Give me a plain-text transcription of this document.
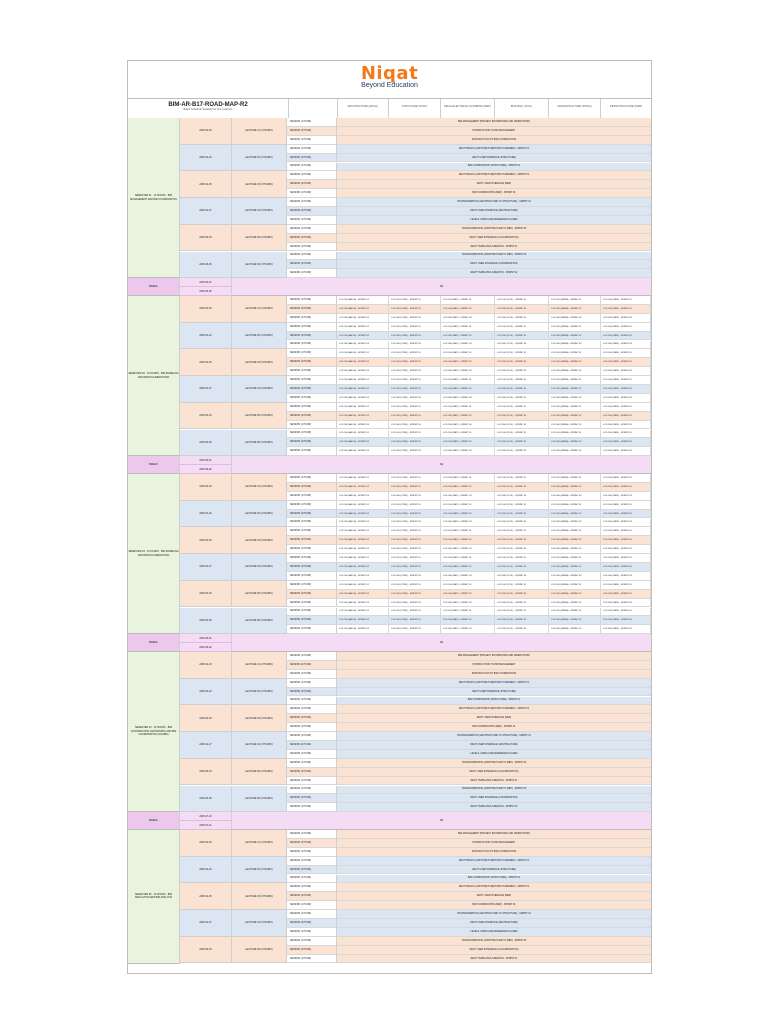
Niqat
Beyond Education
BIM-AR-B17-ROAD-MAP-R2
Batch Schedule Suitable For Our Learners
ARCHITECTURE (ARCH)	STRUCTURE (STRU)	MECH ELECTRICAL PLUMBING (MEP)	BUILDING (CIVIL)	INFRASTRUCTURE (INFRA)	INFRASTRUCTURE (INFR)
2025-02-18	LECTURE 01 (3 HOURS)
SESSION (1 HOUR)	BIM MANAGEMENT (PROJECT INFORMATION AND ORIENTATION)
SESSION (2 HOUR)	INTRODUCTION TO BIM MANAGEMENT
SESSION (1 HOUR)	INTRODUCTION TO BIM COORDINATION
2025-02-20	LECTURE 02 (3 HOURS)
SESSION (1 HOUR)	REVIT BASICS (ARCHITECTURE/STRUCTURE/MEP) - SPRINT 01
SESSION (2 HOUR)	REVIT USER INTERFACE (STRUCTURE)
SESSION (1 HOUR)	BIM COORDINATION (STRUCTURE) - SPRINT 01
2025-02-25	LECTURE 03 (3 HOURS)
SESSION (1 HOUR)	REVIT BASICS (ARCHITECTURE/STRUCTURE/MEP) - SPRINT 02
SESSION (2 HOUR)	REVIT USER INTERFACE (MEP)
SESSION (1 HOUR)	BIM COORDINATION (MEP) - SPRINT 01
2025-02-27	LECTURE 04 (3 HOURS)
SESSION (1 HOUR)	TRANSFORMATION (ARCHITECTURE TO STRUCTURE) - SPRINT 01
SESSION (2 HOUR)	REVIT USER INTERFACE (ARCHITECTURE)
SESSION (1 HOUR)	LEVELS, GRIDS AND REFERENCE PLANES
2025-03-04	LECTURE 05 (3 HOURS)
SESSION (1 HOUR)	TRANSFORMATION (ARCHITECTURE TO MEP) - SPRINT 02
SESSION (2 HOUR)	REVIT USER INTERFACE (COLLABORATION)
SESSION (1 HOUR)	REVIT TEMPLATES CREATION - SPRINT 01
2025-03-06	LECTURE 06 (3 HOURS)
SESSION (1 HOUR)	TRANSFORMATION (ARCHITECTURE TO MEP) - SPRINT 03
SESSION (2 HOUR)	REVIT USER INTERFACE (COORDINATION)
SESSION (1 HOUR)	REVIT TEMPLATES CREATION - SPRINT 02
SEMESTER 01 · 16 HOURS · BIM MANAGEMENT AND BIM COORDINATION
BREAK
2025-03-27
2025-03-28
NA
2025-02-18	LECTURE 01 (3 HOURS)
SESSION (1 HOUR)	LOD 100 (ARCH) - SPRINT 01	LOD 100 (STRU) - SPRINT 01	LOD 100 (MEP) - SPRINT 01	LOD 100 (CIVIL) - SPRINT 01	LOD 100 (INFRA) - SPRINT 01	LOD 100 (INFR) - SPRINT 01
SESSION (2 HOUR)	LOD 200 (ARCH) - SPRINT 02	LOD 200 (STRU) - SPRINT 02	LOD 200 (MEP) - SPRINT 02	LOD 200 (CIVIL) - SPRINT 02	LOD 200 (INFRA) - SPRINT 02	LOD 200 (INFR) - SPRINT 02
SESSION (1 HOUR)	LOD 300 (ARCH) - SPRINT 03	LOD 300 (STRU) - SPRINT 03	LOD 300 (MEP) - SPRINT 03	LOD 300 (CIVIL) - SPRINT 03	LOD 300 (INFRA) - SPRINT 03	LOD 300 (INFR) - SPRINT 03
2025-02-20	LECTURE 02 (3 HOURS)
SESSION (1 HOUR)	LOD 100 (ARCH) - SPRINT 01	LOD 100 (STRU) - SPRINT 01	LOD 100 (MEP) - SPRINT 01	LOD 100 (CIVIL) - SPRINT 01	LOD 100 (INFRA) - SPRINT 01	LOD 100 (INFR) - SPRINT 01
SESSION (2 HOUR)	LOD 200 (ARCH) - SPRINT 02	LOD 200 (STRU) - SPRINT 02	LOD 200 (MEP) - SPRINT 02	LOD 200 (CIVIL) - SPRINT 02	LOD 200 (INFRA) - SPRINT 02	LOD 200 (INFR) - SPRINT 02
SESSION (1 HOUR)	LOD 300 (ARCH) - SPRINT 03	LOD 300 (STRU) - SPRINT 03	LOD 300 (MEP) - SPRINT 03	LOD 300 (CIVIL) - SPRINT 03	LOD 300 (INFRA) - SPRINT 03	LOD 300 (INFR) - SPRINT 03
2025-02-25	LECTURE 03 (3 HOURS)
SESSION (1 HOUR)	LOD 100 (ARCH) - SPRINT 01	LOD 100 (STRU) - SPRINT 01	LOD 100 (MEP) - SPRINT 01	LOD 100 (CIVIL) - SPRINT 01	LOD 100 (INFRA) - SPRINT 01	LOD 100 (INFR) - SPRINT 01
SESSION (2 HOUR)	LOD 200 (ARCH) - SPRINT 02	LOD 200 (STRU) - SPRINT 02	LOD 200 (MEP) - SPRINT 02	LOD 200 (CIVIL) - SPRINT 02	LOD 200 (INFRA) - SPRINT 02	LOD 200 (INFR) - SPRINT 02
SESSION (1 HOUR)	LOD 300 (ARCH) - SPRINT 03	LOD 300 (STRU) - SPRINT 03	LOD 300 (MEP) - SPRINT 03	LOD 300 (CIVIL) - SPRINT 03	LOD 300 (INFRA) - SPRINT 03	LOD 300 (INFR) - SPRINT 03
2025-02-27	LECTURE 04 (3 HOURS)
SESSION (1 HOUR)	LOD 100 (ARCH) - SPRINT 01	LOD 100 (STRU) - SPRINT 01	LOD 100 (MEP) - SPRINT 01	LOD 100 (CIVIL) - SPRINT 01	LOD 100 (INFRA) - SPRINT 01	LOD 100 (INFR) - SPRINT 01
SESSION (2 HOUR)	LOD 200 (ARCH) - SPRINT 02	LOD 200 (STRU) - SPRINT 02	LOD 200 (MEP) - SPRINT 02	LOD 200 (CIVIL) - SPRINT 02	LOD 200 (INFRA) - SPRINT 02	LOD 200 (INFR) - SPRINT 02
SESSION (1 HOUR)	LOD 300 (ARCH) - SPRINT 03	LOD 300 (STRU) - SPRINT 03	LOD 300 (MEP) - SPRINT 03	LOD 300 (CIVIL) - SPRINT 03	LOD 300 (INFRA) - SPRINT 03	LOD 300 (INFR) - SPRINT 03
2025-03-04	LECTURE 05 (3 HOURS)
SESSION (1 HOUR)	LOD 100 (ARCH) - SPRINT 01	LOD 100 (STRU) - SPRINT 01	LOD 100 (MEP) - SPRINT 01	LOD 100 (CIVIL) - SPRINT 01	LOD 100 (INFRA) - SPRINT 01	LOD 100 (INFR) - SPRINT 01
SESSION (2 HOUR)	LOD 200 (ARCH) - SPRINT 02	LOD 200 (STRU) - SPRINT 02	LOD 200 (MEP) - SPRINT 02	LOD 200 (CIVIL) - SPRINT 02	LOD 200 (INFRA) - SPRINT 02	LOD 200 (INFR) - SPRINT 02
SESSION (1 HOUR)	LOD 300 (ARCH) - SPRINT 03	LOD 300 (STRU) - SPRINT 03	LOD 300 (MEP) - SPRINT 03	LOD 300 (CIVIL) - SPRINT 03	LOD 300 (INFRA) - SPRINT 03	LOD 300 (INFR) - SPRINT 03
2025-03-06	LECTURE 06 (3 HOURS)
SESSION (1 HOUR)	LOD 100 (ARCH) - SPRINT 01	LOD 100 (STRU) - SPRINT 01	LOD 100 (MEP) - SPRINT 01	LOD 100 (CIVIL) - SPRINT 01	LOD 100 (INFRA) - SPRINT 01	LOD 100 (INFR) - SPRINT 01
SESSION (2 HOUR)	LOD 200 (ARCH) - SPRINT 02	LOD 200 (STRU) - SPRINT 02	LOD 200 (MEP) - SPRINT 02	LOD 200 (CIVIL) - SPRINT 02	LOD 200 (INFRA) - SPRINT 02	LOD 200 (INFR) - SPRINT 02
SESSION (1 HOUR)	LOD 300 (ARCH) - SPRINT 03	LOD 300 (STRU) - SPRINT 03	LOD 300 (MEP) - SPRINT 03	LOD 300 (CIVIL) - SPRINT 03	LOD 300 (INFRA) - SPRINT 03	LOD 300 (INFR) - SPRINT 03
SEMESTER 02 · 16 HOURS · BIM MODELING AND BIM DOCUMENTATION
BREAK
2025-05-01
2025-05-02
NA
2025-02-18	LECTURE 01 (3 HOURS)
SESSION (1 HOUR)	LOD 100 (ARCH) - SPRINT 01	LOD 100 (STRU) - SPRINT 01	LOD 100 (MEP) - SPRINT 01	LOD 100 (CIVIL) - SPRINT 01	LOD 100 (INFRA) - SPRINT 01	LOD 100 (INFR) - SPRINT 01
SESSION (2 HOUR)	LOD 200 (ARCH) - SPRINT 02	LOD 200 (STRU) - SPRINT 02	LOD 200 (MEP) - SPRINT 02	LOD 200 (CIVIL) - SPRINT 02	LOD 200 (INFRA) - SPRINT 02	LOD 200 (INFR) - SPRINT 02
SESSION (1 HOUR)	LOD 300 (ARCH) - SPRINT 03	LOD 300 (STRU) - SPRINT 03	LOD 300 (MEP) - SPRINT 03	LOD 300 (CIVIL) - SPRINT 03	LOD 300 (INFRA) - SPRINT 03	LOD 300 (INFR) - SPRINT 03
2025-02-20	LECTURE 02 (3 HOURS)
SESSION (1 HOUR)	LOD 100 (ARCH) - SPRINT 01	LOD 100 (STRU) - SPRINT 01	LOD 100 (MEP) - SPRINT 01	LOD 100 (CIVIL) - SPRINT 01	LOD 100 (INFRA) - SPRINT 01	LOD 100 (INFR) - SPRINT 01
SESSION (2 HOUR)	LOD 200 (ARCH) - SPRINT 02	LOD 200 (STRU) - SPRINT 02	LOD 200 (MEP) - SPRINT 02	LOD 200 (CIVIL) - SPRINT 02	LOD 200 (INFRA) - SPRINT 02	LOD 200 (INFR) - SPRINT 02
SESSION (1 HOUR)	LOD 300 (ARCH) - SPRINT 03	LOD 300 (STRU) - SPRINT 03	LOD 300 (MEP) - SPRINT 03	LOD 300 (CIVIL) - SPRINT 03	LOD 300 (INFRA) - SPRINT 03	LOD 300 (INFR) - SPRINT 03
2025-02-25	LECTURE 03 (3 HOURS)
SESSION (1 HOUR)	LOD 100 (ARCH) - SPRINT 01	LOD 100 (STRU) - SPRINT 01	LOD 100 (MEP) - SPRINT 01	LOD 100 (CIVIL) - SPRINT 01	LOD 100 (INFRA) - SPRINT 01	LOD 100 (INFR) - SPRINT 01
SESSION (2 HOUR)	LOD 200 (ARCH) - SPRINT 02	LOD 200 (STRU) - SPRINT 02	LOD 200 (MEP) - SPRINT 02	LOD 200 (CIVIL) - SPRINT 02	LOD 200 (INFRA) - SPRINT 02	LOD 200 (INFR) - SPRINT 02
SESSION (1 HOUR)	LOD 300 (ARCH) - SPRINT 03	LOD 300 (STRU) - SPRINT 03	LOD 300 (MEP) - SPRINT 03	LOD 300 (CIVIL) - SPRINT 03	LOD 300 (INFRA) - SPRINT 03	LOD 300 (INFR) - SPRINT 03
2025-02-27	LECTURE 04 (3 HOURS)
SESSION (1 HOUR)	LOD 100 (ARCH) - SPRINT 01	LOD 100 (STRU) - SPRINT 01	LOD 100 (MEP) - SPRINT 01	LOD 100 (CIVIL) - SPRINT 01	LOD 100 (INFRA) - SPRINT 01	LOD 100 (INFR) - SPRINT 01
SESSION (2 HOUR)	LOD 200 (ARCH) - SPRINT 02	LOD 200 (STRU) - SPRINT 02	LOD 200 (MEP) - SPRINT 02	LOD 200 (CIVIL) - SPRINT 02	LOD 200 (INFRA) - SPRINT 02	LOD 200 (INFR) - SPRINT 02
SESSION (1 HOUR)	LOD 300 (ARCH) - SPRINT 03	LOD 300 (STRU) - SPRINT 03	LOD 300 (MEP) - SPRINT 03	LOD 300 (CIVIL) - SPRINT 03	LOD 300 (INFRA) - SPRINT 03	LOD 300 (INFR) - SPRINT 03
2025-03-04	LECTURE 05 (3 HOURS)
SESSION (1 HOUR)	LOD 100 (ARCH) - SPRINT 01	LOD 100 (STRU) - SPRINT 01	LOD 100 (MEP) - SPRINT 01	LOD 100 (CIVIL) - SPRINT 01	LOD 100 (INFRA) - SPRINT 01	LOD 100 (INFR) - SPRINT 01
SESSION (2 HOUR)	LOD 200 (ARCH) - SPRINT 02	LOD 200 (STRU) - SPRINT 02	LOD 200 (MEP) - SPRINT 02	LOD 200 (CIVIL) - SPRINT 02	LOD 200 (INFRA) - SPRINT 02	LOD 200 (INFR) - SPRINT 02
SESSION (1 HOUR)	LOD 300 (ARCH) - SPRINT 03	LOD 300 (STRU) - SPRINT 03	LOD 300 (MEP) - SPRINT 03	LOD 300 (CIVIL) - SPRINT 03	LOD 300 (INFRA) - SPRINT 03	LOD 300 (INFR) - SPRINT 03
2025-03-06	LECTURE 06 (3 HOURS)
SESSION (1 HOUR)	LOD 100 (ARCH) - SPRINT 01	LOD 100 (STRU) - SPRINT 01	LOD 100 (MEP) - SPRINT 01	LOD 100 (CIVIL) - SPRINT 01	LOD 100 (INFRA) - SPRINT 01	LOD 100 (INFR) - SPRINT 01
SESSION (2 HOUR)	LOD 200 (ARCH) - SPRINT 02	LOD 200 (STRU) - SPRINT 02	LOD 200 (MEP) - SPRINT 02	LOD 200 (CIVIL) - SPRINT 02	LOD 200 (INFRA) - SPRINT 02	LOD 200 (INFR) - SPRINT 02
SESSION (1 HOUR)	LOD 300 (ARCH) - SPRINT 03	LOD 300 (STRU) - SPRINT 03	LOD 300 (MEP) - SPRINT 03	LOD 300 (CIVIL) - SPRINT 03	LOD 300 (INFRA) - SPRINT 03	LOD 300 (INFR) - SPRINT 03
SEMESTER 03 · 16 HOURS · BIM MODELING AND BIM DOCUMENTATION
BREAK
2025-06-01
2025-06-02
NA
2025-02-18	LECTURE 01 (3 HOURS)
SESSION (1 HOUR)	BIM MANAGEMENT (PROJECT INFORMATION AND ORIENTATION)
SESSION (2 HOUR)	INTRODUCTION TO BIM MANAGEMENT
SESSION (1 HOUR)	INTRODUCTION TO BIM COORDINATION
2025-02-20	LECTURE 02 (3 HOURS)
SESSION (1 HOUR)	REVIT BASICS (ARCHITECTURE/STRUCTURE/MEP) - SPRINT 01
SESSION (2 HOUR)	REVIT USER INTERFACE (STRUCTURE)
SESSION (1 HOUR)	BIM COORDINATION (STRUCTURE) - SPRINT 01
2025-02-25	LECTURE 03 (3 HOURS)
SESSION (1 HOUR)	REVIT BASICS (ARCHITECTURE/STRUCTURE/MEP) - SPRINT 02
SESSION (2 HOUR)	REVIT USER INTERFACE (MEP)
SESSION (1 HOUR)	BIM COORDINATION (MEP) - SPRINT 01
2025-02-27	LECTURE 04 (3 HOURS)
SESSION (1 HOUR)	TRANSFORMATION (ARCHITECTURE TO STRUCTURE) - SPRINT 01
SESSION (2 HOUR)	REVIT USER INTERFACE (ARCHITECTURE)
SESSION (1 HOUR)	LEVELS, GRIDS AND REFERENCE PLANES
2025-03-04	LECTURE 05 (3 HOURS)
SESSION (1 HOUR)	TRANSFORMATION (ARCHITECTURE TO MEP) - SPRINT 02
SESSION (2 HOUR)	REVIT USER INTERFACE (COLLABORATION)
SESSION (1 HOUR)	REVIT TEMPLATES CREATION - SPRINT 01
2025-03-06	LECTURE 06 (3 HOURS)
SESSION (1 HOUR)	TRANSFORMATION (ARCHITECTURE TO MEP) - SPRINT 03
SESSION (2 HOUR)	REVIT USER INTERFACE (COORDINATION)
SESSION (1 HOUR)	REVIT TEMPLATES CREATION - SPRINT 02
SEMESTER 04 · 16 HOURS · BIM COORDINATION NAVISWORKS AND BIM COORDINATION (SOLIBRI)
BREAK
2025-07-20
2025-07-21
NA
2025-02-18	LECTURE 01 (3 HOURS)
SESSION (1 HOUR)	BIM MANAGEMENT (PROJECT INFORMATION AND ORIENTATION)
SESSION (2 HOUR)	INTRODUCTION TO BIM MANAGEMENT
SESSION (1 HOUR)	INTRODUCTION TO BIM COORDINATION
2025-02-20	LECTURE 02 (3 HOURS)
SESSION (1 HOUR)	REVIT BASICS (ARCHITECTURE/STRUCTURE/MEP) - SPRINT 01
SESSION (2 HOUR)	REVIT USER INTERFACE (STRUCTURE)
SESSION (1 HOUR)	BIM COORDINATION (STRUCTURE) - SPRINT 01
2025-02-25	LECTURE 03 (3 HOURS)
SESSION (1 HOUR)	REVIT BASICS (ARCHITECTURE/STRUCTURE/MEP) - SPRINT 02
SESSION (2 HOUR)	REVIT USER INTERFACE (MEP)
SESSION (1 HOUR)	BIM COORDINATION (MEP) - SPRINT 01
2025-02-27	LECTURE 04 (3 HOURS)
SESSION (1 HOUR)	TRANSFORMATION (ARCHITECTURE TO STRUCTURE) - SPRINT 01
SESSION (2 HOUR)	REVIT USER INTERFACE (ARCHITECTURE)
SESSION (1 HOUR)	LEVELS, GRIDS AND REFERENCE PLANES
2025-03-04	LECTURE 05 (3 HOURS)
SESSION (1 HOUR)	TRANSFORMATION (ARCHITECTURE TO MEP) - SPRINT 02
SESSION (2 HOUR)	REVIT USER INTERFACE (COLLABORATION)
SESSION (1 HOUR)	REVIT TEMPLATES CREATION - SPRINT 01
SEMESTER 05 · 16 HOURS · BIM SIMULATION AND BIM ANALYSIS
